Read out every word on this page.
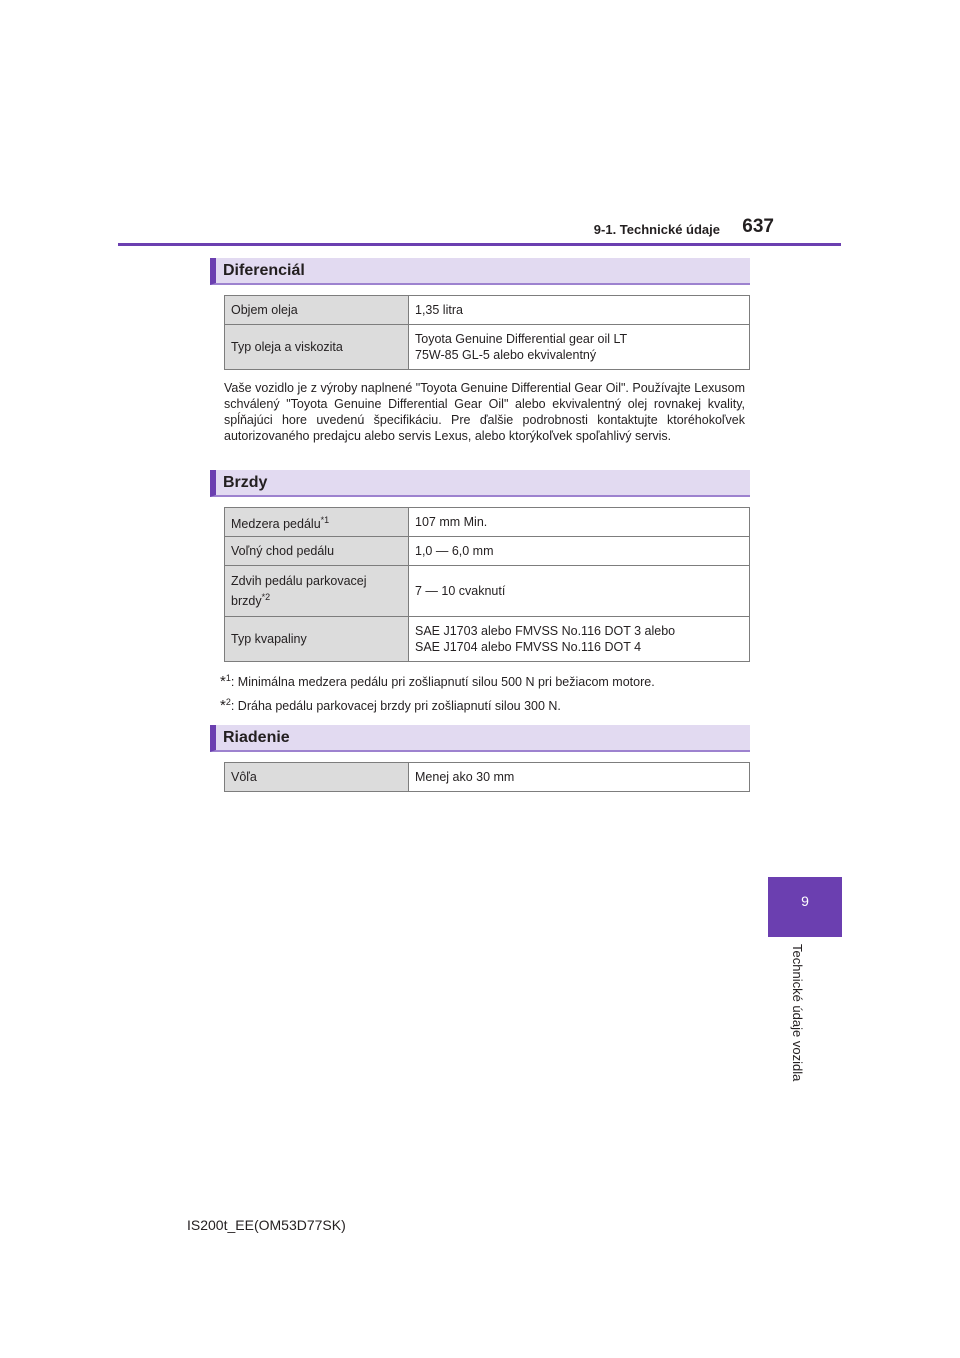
9-1. Technické údaje	637
9
Technické údaje vozidla
Diferenciál
Objem oleja	1,35 litra
Typ oleja a viskozita	Toyota Genuine Differential gear oil LT
75W-85 GL-5 alebo ekvivalentný
Vaše vozidlo je z výroby naplnené "Toyota Genuine Differential Gear Oil". Používajte Lexusom schválený "Toyota Genuine Differential Gear Oil" alebo ekvivalentný olej rovnakej kvality, spĺňajúci hore uvedenú špecifikáciu. Pre ďalšie podrobnosti kontaktujte ktoréhokoľvek autorizovaného predajcu alebo servis Lexus, alebo ktorýkoľvek spoľahlivý servis.
Brzdy
Medzera pedálu$^{*1}$	107 mm Min.
Voľný chod pedálu	1,0 — 6,0 mm
Zdvih pedálu parkovacej
brzdy$^{*2}$	7 — 10 cvaknutí
Typ kvapaliny	SAE J1703 alebo FMVSS No.116 DOT 3 alebo
SAE J1704 alebo FMVSS No.116 DOT 4
*$^1$: Minimálna medzera pedálu pri zošliapnutí silou 500 N pri bežiacom motore.
*$^2$: Dráha pedálu parkovacej brzdy pri zošliapnutí silou 300 N.
Riadenie
Vôľa	Menej ako 30 mm
IS200t_EE(OM53D77SK)
